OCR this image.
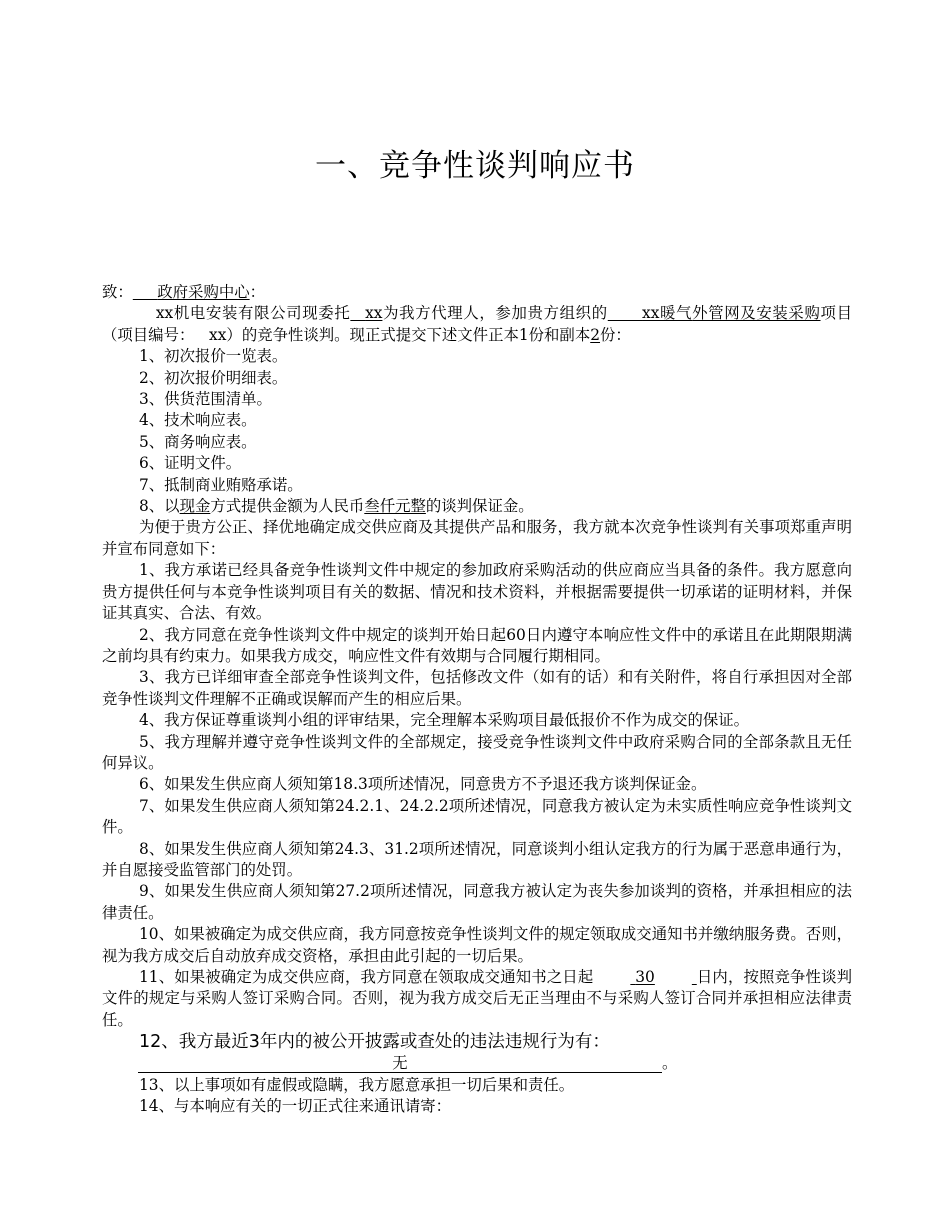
一、竞争性谈判响应书
致： 政府采购中心：
xx机电安装有限公司现委托 xx为我方代理人，参加贵方组织的 xx暖气外管网及安装采购项目（项目编号： xx）的竞争性谈判。现正式提交下述文件正本1份和副本2份：
1、初次报价一览表。
2、初次报价明细表。
3、供货范围清单。
4、技术响应表。
5、商务响应表。
6、证明文件。
7、抵制商业贿赂承诺。
8、以现金方式提供金额为人民币叁仟元整的谈判保证金。
为便于贵方公正、择优地确定成交供应商及其提供产品和服务，我方就本次竞争性谈判有关事项郑重声明并宣布同意如下：
1、我方承诺已经具备竞争性谈判文件中规定的参加政府采购活动的供应商应当具备的条件。我方愿意向贵方提供任何与本竞争性谈判项目有关的数据、情况和技术资料，并根据需要提供一切承诺的证明材料，并保证其真实、合法、有效。
2、我方同意在竞争性谈判文件中规定的谈判开始日起60日内遵守本响应性文件中的承诺且在此期限期满之前均具有约束力。如果我方成交，响应性文件有效期与合同履行期相同。
3、我方已详细审查全部竞争性谈判文件，包括修改文件（如有的话）和有关附件，将自行承担因对全部竞争性谈判文件理解不正确或误解而产生的相应后果。
4、我方保证尊重谈判小组的评审结果，完全理解本采购项目最低报价不作为成交的保证。
5、我方理解并遵守竞争性谈判文件的全部规定，接受竞争性谈判文件中政府采购合同的全部条款且无任何异议。
6、如果发生供应商人须知第18.3项所述情况，同意贵方不予退还我方谈判保证金。
7、如果发生供应商人须知第24.2.1、24.2.2项所述情况，同意我方被认定为未实质性响应竞争性谈判文件。
8、如果发生供应商人须知第24.3、31.2项所述情况，同意谈判小组认定我方的行为属于恶意串通行为，并自愿接受监管部门的处罚。
9、如果发生供应商人须知第27.2项所述情况，同意我方被认定为丧失参加谈判的资格，并承担相应的法律责任。
10、如果被确定为成交供应商，我方同意按竞争性谈判文件的规定领取成交通知书并缴纳服务费。否则，视为我方成交后自动放弃成交资格，承担由此引起的一切后果。
11、如果被确定为成交供应商，我方同意在领取成交通知书之日起	30	日内，按照竞争性谈判文件的规定与采购人签订采购合同。否则，视为我方成交后无正当理由不与采购人签订合同并承担相应法律责任。
12、我方最近3年内的被公开披露或查处的违法违规行为有：
无	。
13、以上事项如有虚假或隐瞒，我方愿意承担一切后果和责任。
14、与本响应有关的一切正式往来通讯请寄：
